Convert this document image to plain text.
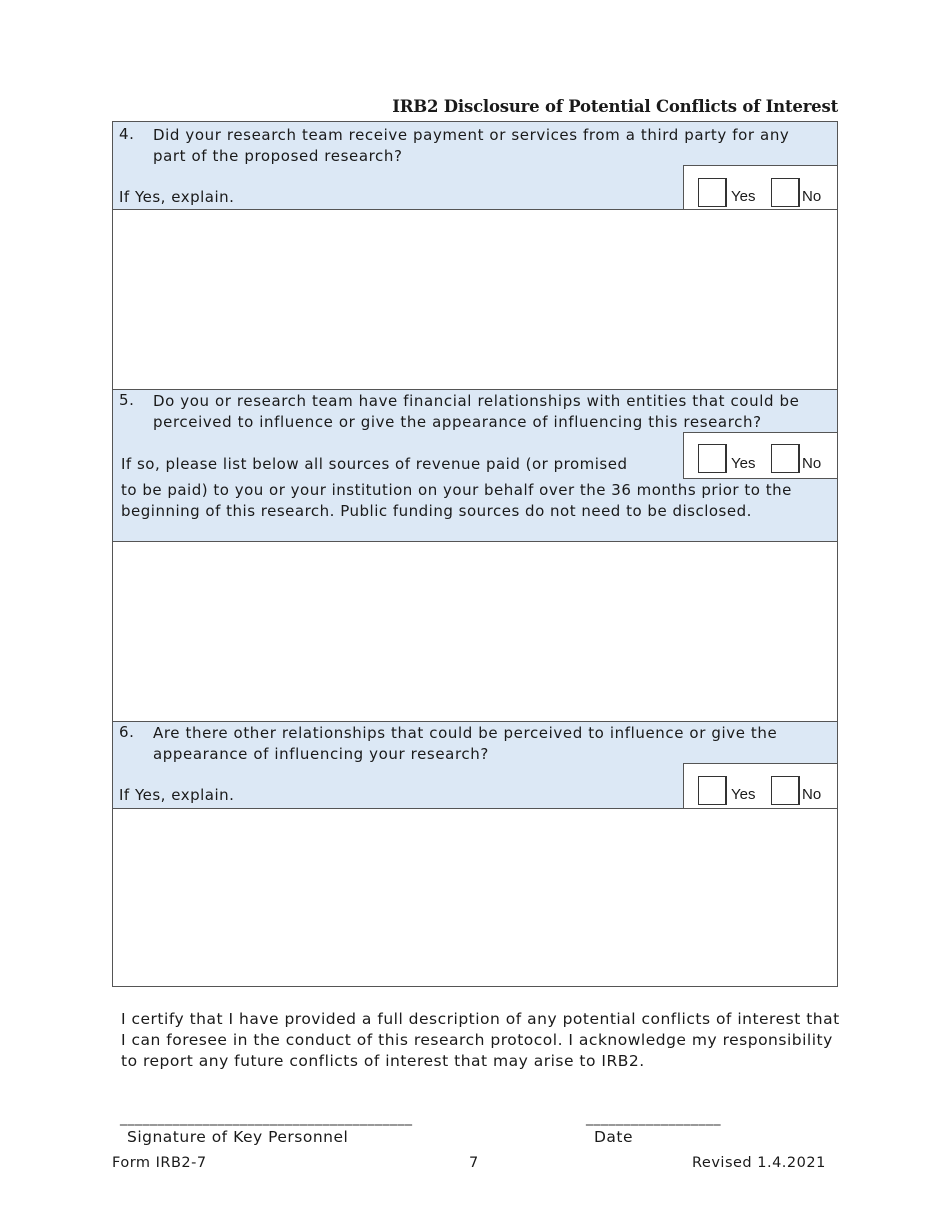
IRB2 Disclosure of Potential Conflicts of Interest
4. Did your research team receive payment or services from a third party for any part of the proposed research?
If Yes, explain.	Yes	No
5. Do you or research team have financial relationships with entities that could be perceived to influence or give the appearance of influencing this research?
If so, please list below all sources of revenue paid (or promised
to be paid) to you or your institution on your behalf over the 36 months prior to the beginning of this research. Public funding sources do not need to be disclosed.
Yes	No
6. Are there other relationships that could be perceived to influence or give the appearance of influencing your research?
If Yes, explain.	Yes	No
I certify that I have provided a full description of any potential conflicts of interest that I can foresee in the conduct of this research protocol. I acknowledge my responsibility to report any future conflicts of interest that may arise to IRB2.
_______________________________________
Signature of Key Personnel
__________________
Date
Form IRB2-7	7	Revised 1.4.2021
